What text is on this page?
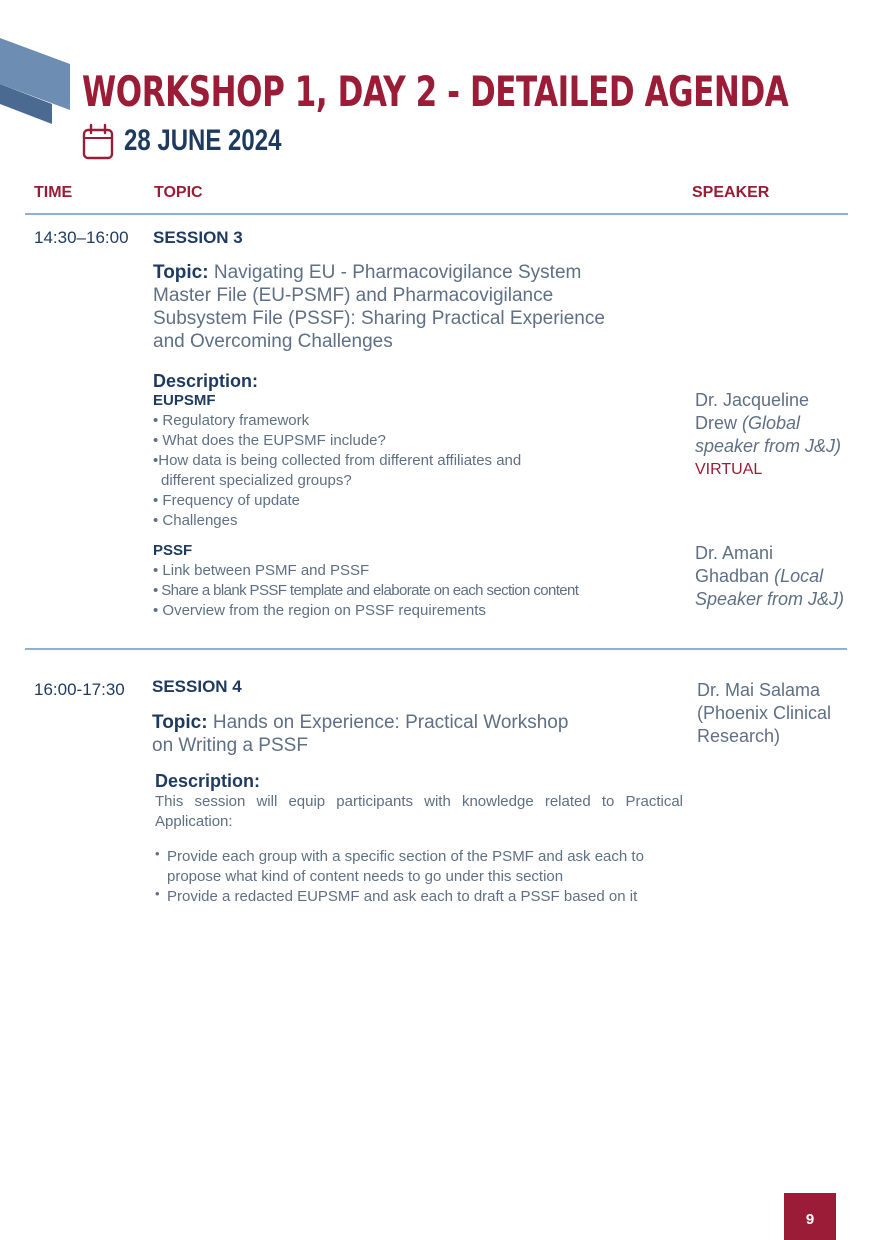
WORKSHOP 1, DAY 2 - DETAILED AGENDA
28 JUNE 2024
TIME	TOPIC	SPEAKER
14:30–16:00 SESSION 3
Topic: Navigating EU - Pharmacovigilance System
Master File (EU-PSMF) and Pharmacovigilance
Subsystem File (PSSF): Sharing Practical Experience
and Overcoming Challenges
Description:
EUPSMF
• Regulatory framework
• What does the EUPSMF include?
•How data is being collected from different affiliates and
different specialized groups?
• Frequency of update
• Challenges
Dr. Jacqueline
Drew (Global
speaker from J&J)
VIRTUAL
PSSF
• Link between PSMF and PSSF
• Share a blank PSSF template and elaborate on each section content
• Overview from the region on PSSF requirements
Dr. Amani
Ghadban (Local
Speaker from J&J)
16:00-17:30 SESSION 4
Topic: Hands on Experience: Practical Workshop
on Writing a PSSF
Dr. Mai Salama
(Phoenix Clinical
Research)
Description:
This session will equip participants with knowledge related to Practical Application:
• Provide each group with a specific section of the PSMF and ask each to propose what kind of content needs to go under this section
• Provide a redacted EUPSMF and ask each to draft a PSSF based on it
9
